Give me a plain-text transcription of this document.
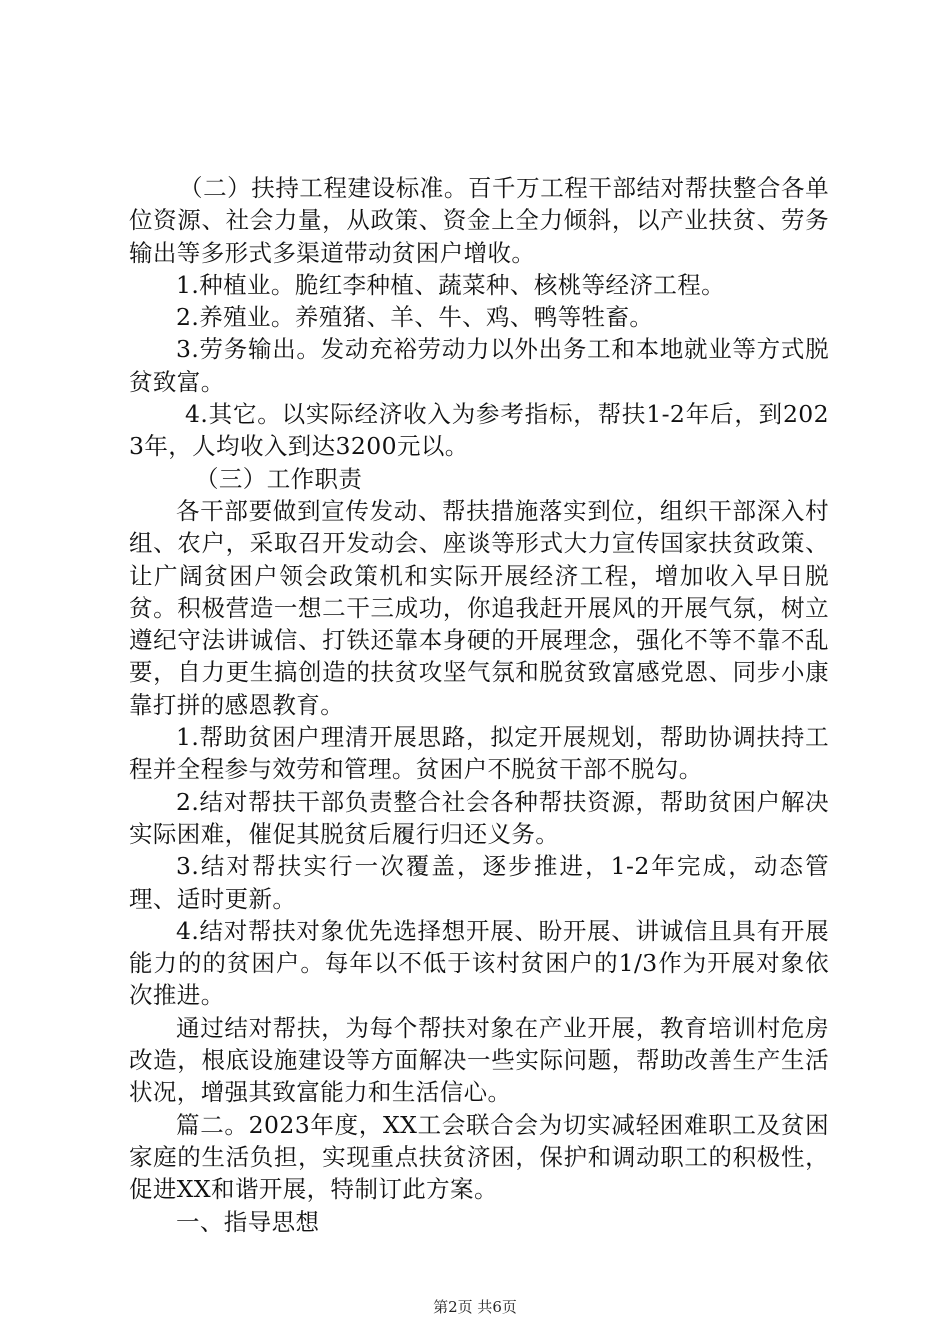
（二）扶持工程建设标准。百千万工程干部结对帮扶整合各单位资源、社会力量，从政策、资金上全力倾斜，以产业扶贫、劳务输出等多形式多渠道带动贫困户增收。

1.种植业。脆红李种植、蔬菜种、核桃等经济工程。

2.养殖业。养殖猪、羊、牛、鸡、鸭等牲畜。

3.劳务输出。发动充裕劳动力以外出务工和本地就业等方式脱贫致富。

4.其它。以实际经济收入为参考指标，帮扶1-2年后，到2023年，人均收入到达3200元以。

（三）工作职责

各干部要做到宣传发动、帮扶措施落实到位，组织干部深入村组、农户，采取召开发动会、座谈等形式大力宣传国家扶贫政策、让广阔贫困户领会政策机和实际开展经济工程，增加收入早日脱贫。积极营造一想二干三成功，你追我赶开展风的开展气氛，树立遵纪守法讲诚信、打铁还靠本身硬的开展理念，强化不等不靠不乱要，自力更生搞创造的扶贫攻坚气氛和脱贫致富感党恩、同步小康靠打拼的感恩教育。

1.帮助贫困户理清开展思路，拟定开展规划，帮助协调扶持工程并全程参与效劳和管理。贫困户不脱贫干部不脱勾。

2.结对帮扶干部负责整合社会各种帮扶资源，帮助贫困户解决实际困难，催促其脱贫后履行归还义务。

3.结对帮扶实行一次覆盖，逐步推进，1-2年完成，动态管理、适时更新。

4.结对帮扶对象优先选择想开展、盼开展、讲诚信且具有开展能力的的贫困户。每年以不低于该村贫困户的1/3作为开展对象依次推进。

通过结对帮扶，为每个帮扶对象在产业开展，教育培训村危房改造，根底设施建设等方面解决一些实际问题，帮助改善生产生活状况，增强其致富能力和生活信心。

篇二。2023年度，XX工会联合会为切实减轻困难职工及贫困家庭的生活负担，实现重点扶贫济困，保护和调动职工的积极性，促进XX和谐开展，特制订此方案。

一、指导思想

第2页 共6页
